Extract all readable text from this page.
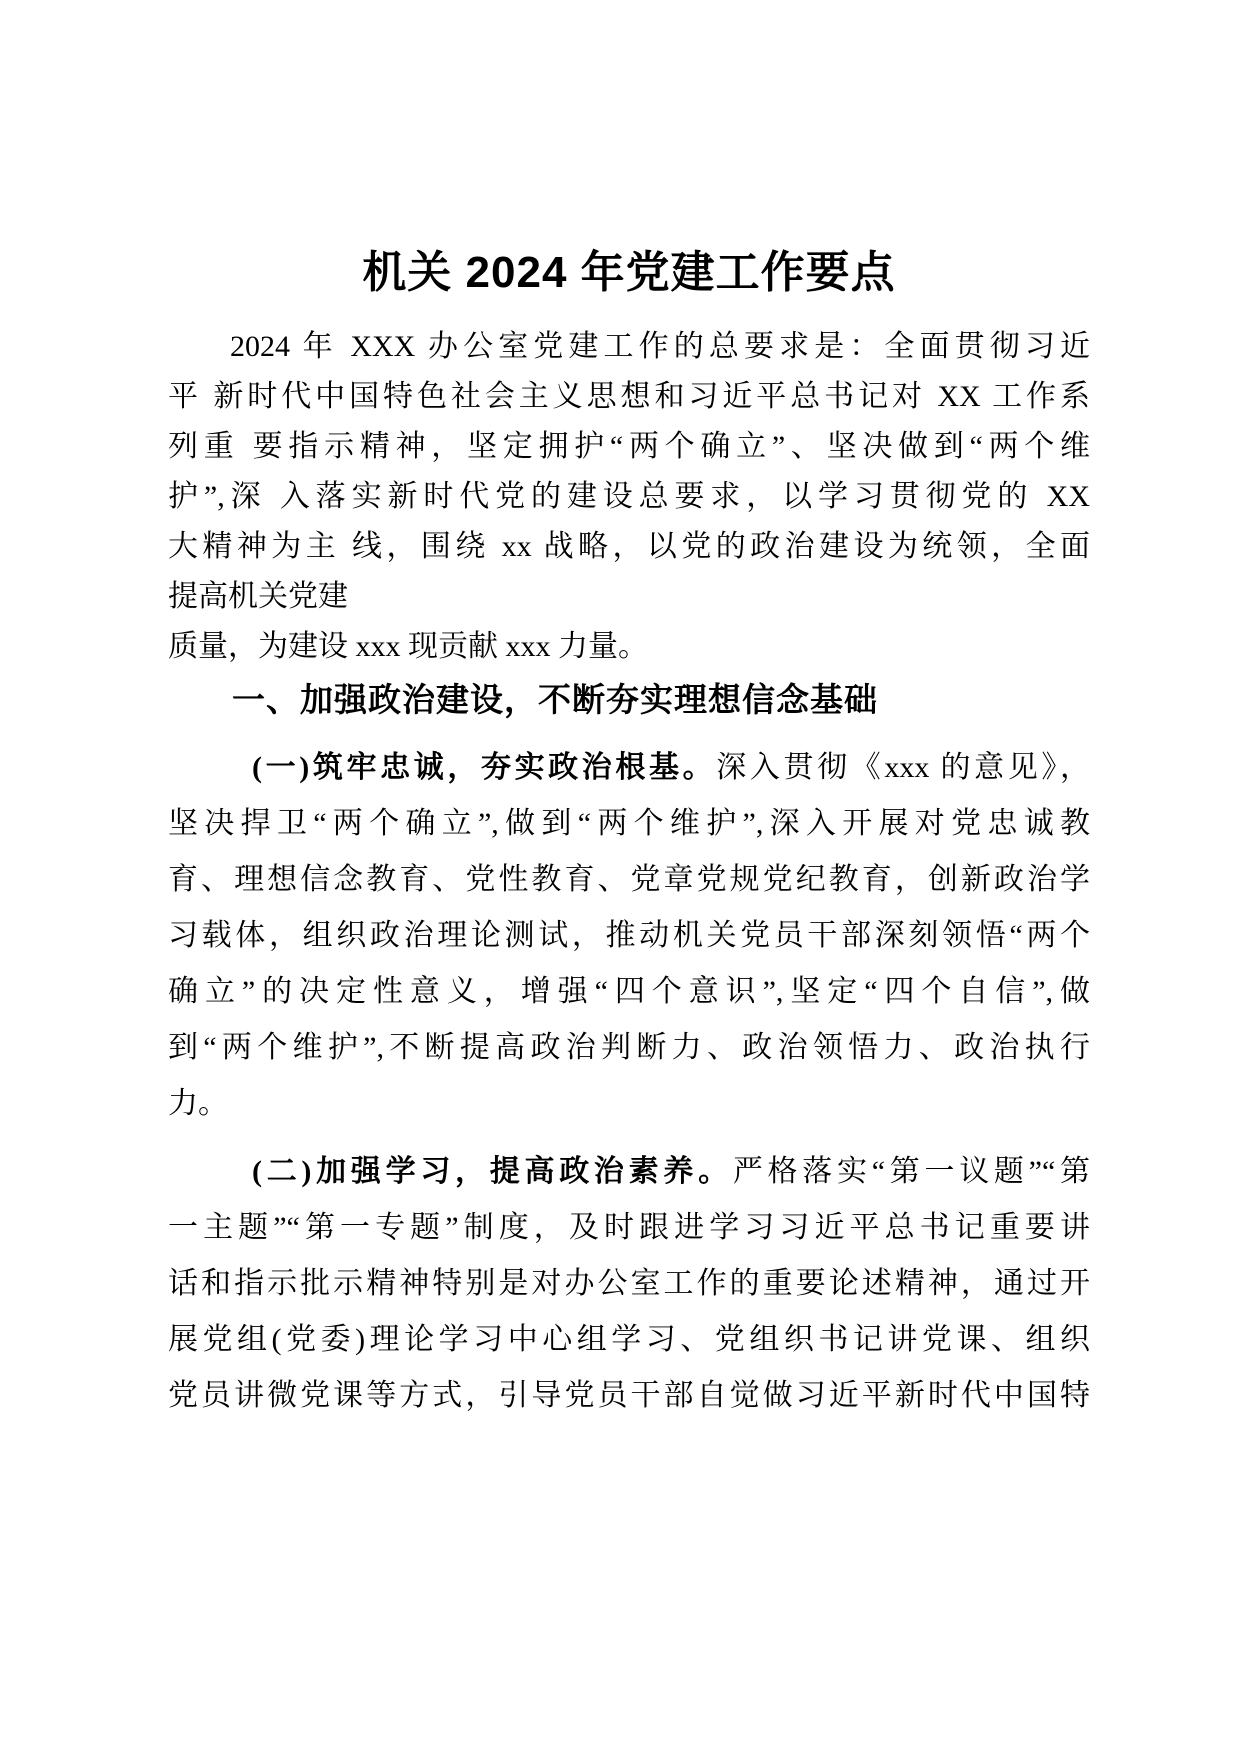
机关 2024 年党建工作要点
2024 年 XXX 办公室党建工作的总要求是：全面贯彻习近
平 新时代中国特色社会主义思想和习近平总书记对 XX 工作系
列重 要指示精神，坚定拥护“两个确立”、坚决做到“两个维
护”,深 入落实新时代党的建设总要求，以学习贯彻党的 XX
大精神为主 线，围绕 xx 战略，以党的政治建设为统领，全面
提高机关党建
质量，为建设 xxx 现贡献 xxx 力量。
一、加强政治建设，不断夯实理想信念基础
(一)筑牢忠诚，夯实政治根基。深入贯彻《xxx 的意见》，
坚决捍卫“两个确立”,做到“两个维护”,深入开展对党忠诚教
育、理想信念教育、党性教育、党章党规党纪教育，创新政治学
习载体，组织政治理论测试，推动机关党员干部深刻领悟“两个
确立”的决定性意义，增强“四个意识”,坚定“四个自信”,做
到“两个维护”,不断提高政治判断力、政治领悟力、政治执行
力。
(二)加强学习，提高政治素养。严格落实“第一议题”“第
一主题”“第一专题”制度，及时跟进学习习近平总书记重要讲
话和指示批示精神特别是对办公室工作的重要论述精神，通过开
展党组(党委)理论学习中心组学习、党组织书记讲党课、组织
党员讲微党课等方式，引导党员干部自觉做习近平新时代中国特
